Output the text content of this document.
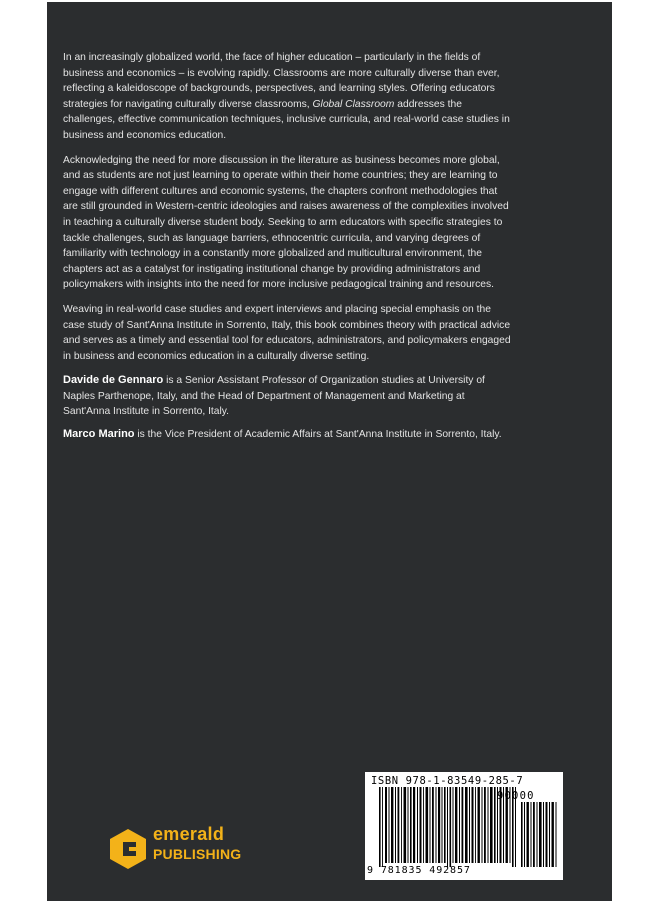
In an increasingly globalized world, the face of higher education – particularly in the fields of business and economics – is evolving rapidly. Classrooms are more culturally diverse than ever, reflecting a kaleidoscope of backgrounds, perspectives, and learning styles. Offering educators strategies for navigating culturally diverse classrooms, Global Classroom addresses the challenges, effective communication techniques, inclusive curricula, and real-world case studies in business and economics education.

Acknowledging the need for more discussion in the literature as business becomes more global, and as students are not just learning to operate within their home countries; they are learning to engage with different cultures and economic systems, the chapters confront methodologies that are still grounded in Western-centric ideologies and raises awareness of the complexities involved in teaching a culturally diverse student body. Seeking to arm educators with specific strategies to tackle challenges, such as language barriers, ethnocentric curricula, and varying degrees of familiarity with technology in a constantly more globalized and multicultural environment, the chapters act as a catalyst for instigating institutional change by providing administrators and policymakers with insights into the need for more inclusive pedagogical training and resources.

Weaving in real-world case studies and expert interviews and placing special emphasis on the case study of Sant'Anna Institute in Sorrento, Italy, this book combines theory with practical advice and serves as a timely and essential tool for educators, administrators, and policymakers engaged in business and economics education in a culturally diverse setting.

Davide de Gennaro is a Senior Assistant Professor of Organization studies at University of Naples Parthenope, Italy, and the Head of Department of Management and Marketing at Sant'Anna Institute in Sorrento, Italy.

Marco Marino is the Vice President of Academic Affairs at Sant'Anna Institute in Sorrento, Italy.

ISBN 978-1-83549-285-7
90000
9 781835 492857
emerald
PUBLISHING
